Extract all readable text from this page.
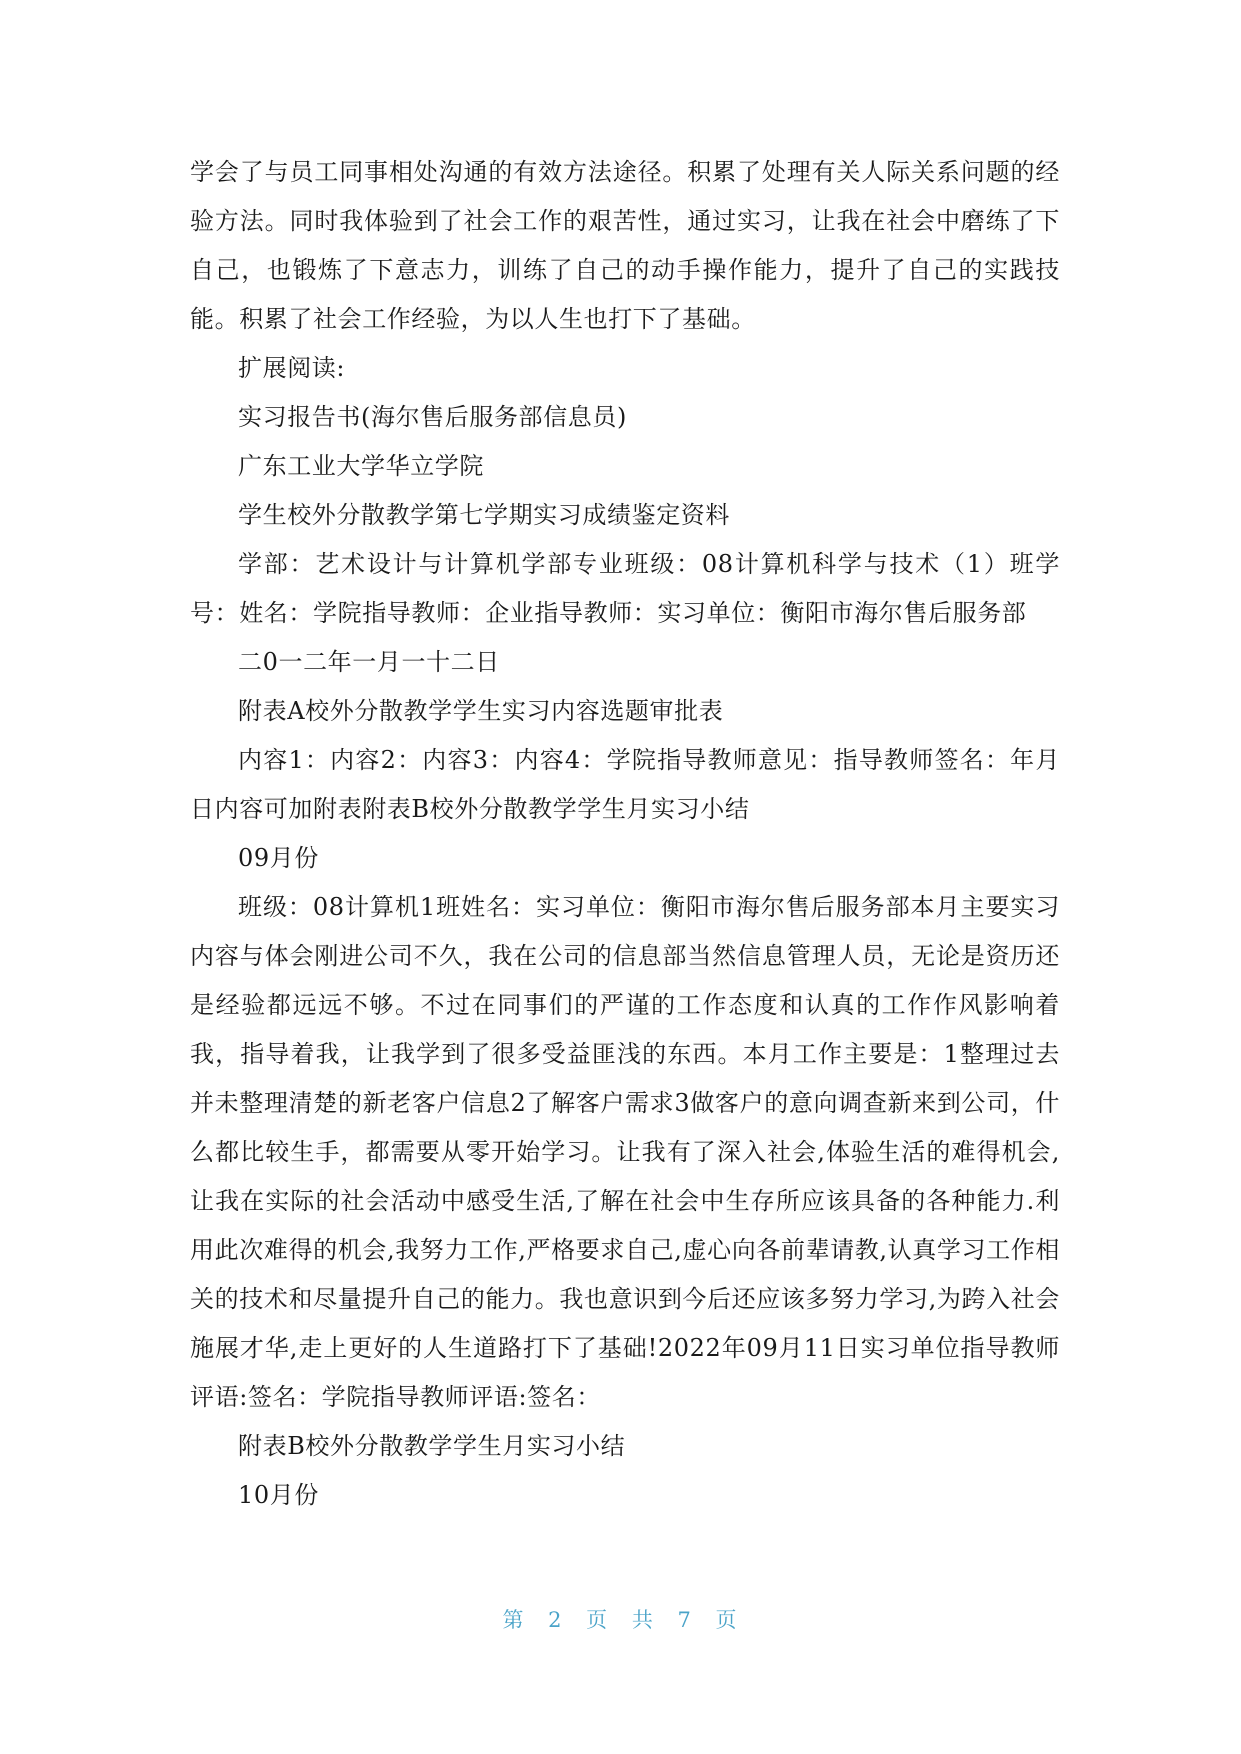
学会了与员工同事相处沟通的有效方法途径。积累了处理有关人际关系问题的经验方法。同时我体验到了社会工作的艰苦性，通过实习，让我在社会中磨练了下自己，也锻炼了下意志力，训练了自己的动手操作能力，提升了自己的实践技能。积累了社会工作经验，为以人生也打下了基础。

扩展阅读:

实习报告书(海尔售后服务部信息员)

广东工业大学华立学院

学生校外分散教学第七学期实习成绩鉴定资料

学部：艺术设计与计算机学部专业班级：08计算机科学与技术（1）班学号：姓名：学院指导教师：企业指导教师：实习单位：衡阳市海尔售后服务部

二0一二年一月一十二日

附表A校外分散教学学生实习内容选题审批表

内容1：内容2：内容3：内容4：学院指导教师意见：指导教师签名：年月日内容可加附表附表B校外分散教学学生月实习小结

09月份

班级：08计算机1班姓名：实习单位：衡阳市海尔售后服务部本月主要实习内容与体会刚进公司不久，我在公司的信息部当然信息管理人员，无论是资历还是经验都远远不够。不过在同事们的严谨的工作态度和认真的工作作风影响着我，指导着我，让我学到了很多受益匪浅的东西。本月工作主要是：1整理过去并未整理清楚的新老客户信息2了解客户需求3做客户的意向调查新来到公司，什么都比较生手，都需要从零开始学习。让我有了深入社会,体验生活的难得机会,让我在实际的社会活动中感受生活,了解在社会中生存所应该具备的各种能力.利用此次难得的机会,我努力工作,严格要求自己,虚心向各前辈请教,认真学习工作相关的技术和尽量提升自己的能力。我也意识到今后还应该多努力学习,为跨入社会施展才华,走上更好的人生道路打下了基础!2022年09月11日实习单位指导教师评语:签名：学院指导教师评语:签名：

附表B校外分散教学学生月实习小结

10月份

第 2 页 共 7 页
